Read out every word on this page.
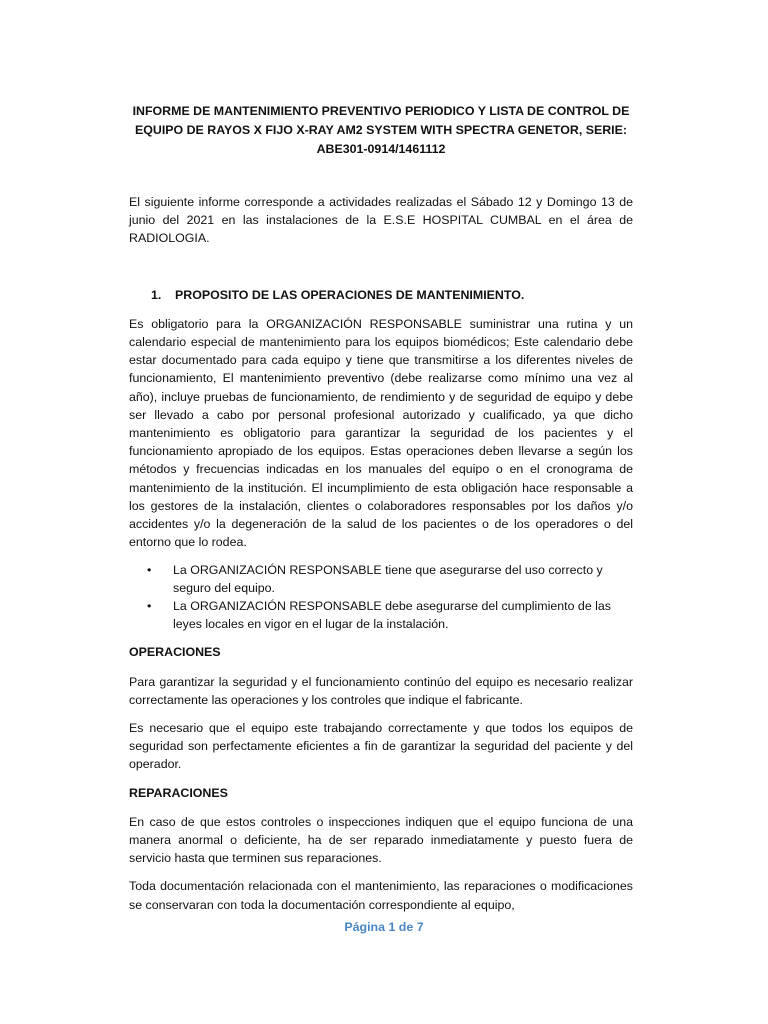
INFORME DE MANTENIMIENTO PREVENTIVO PERIODICO Y LISTA DE CONTROL DE
EQUIPO DE RAYOS X FIJO X-RAY AM2 SYSTEM WITH SPECTRA GENETOR, SERIE:
ABE301-0914/1461112

El siguiente informe corresponde a actividades realizadas el Sábado 12 y Domingo 13 de junio del 2021 en las instalaciones de la E.S.E HOSPITAL CUMBAL en el área de RADIOLOGIA.

1.	PROPOSITO DE LAS OPERACIONES DE MANTENIMIENTO.

Es obligatorio para la ORGANIZACIÓN RESPONSABLE suministrar una rutina y un calendario especial de mantenimiento para los equipos biomédicos; Este calendario debe estar documentado para cada equipo y tiene que transmitirse a los diferentes niveles de funcionamiento, El mantenimiento preventivo (debe realizarse como mínimo una vez al año), incluye pruebas de funcionamiento, de rendimiento y de seguridad de equipo y debe ser llevado a cabo por personal profesional autorizado y cualificado, ya que dicho mantenimiento es obligatorio para garantizar la seguridad de los pacientes y el funcionamiento apropiado de los equipos. Estas operaciones deben llevarse a según los métodos y frecuencias indicadas en los manuales del equipo o en el cronograma de mantenimiento de la institución. El incumplimiento de esta obligación hace responsable a los gestores de la instalación, clientes o colaboradores responsables por los daños y/o accidentes y/o la degeneración de la salud de los pacientes o de los operadores o del entorno que lo rodea.

• La ORGANIZACIÓN RESPONSABLE tiene que asegurarse del uso correcto y seguro del equipo.
• La ORGANIZACIÓN RESPONSABLE debe asegurarse del cumplimiento de las leyes locales en vigor en el lugar de la instalación.
OPERACIONES

Para garantizar la seguridad y el funcionamiento continúo del equipo es necesario realizar correctamente las operaciones y los controles que indique el fabricante.

Es necesario que el equipo este trabajando correctamente y que todos los equipos de seguridad son perfectamente eficientes a fin de garantizar la seguridad del paciente y del operador.

REPARACIONES

En caso de que estos controles o inspecciones indiquen que el equipo funciona de una manera anormal o deficiente, ha de ser reparado inmediatamente y puesto fuera de servicio hasta que terminen sus reparaciones.

Toda documentación relacionada con el mantenimiento, las reparaciones o modificaciones se conservaran con toda la documentación correspondiente al equipo,

Página 1 de 7
